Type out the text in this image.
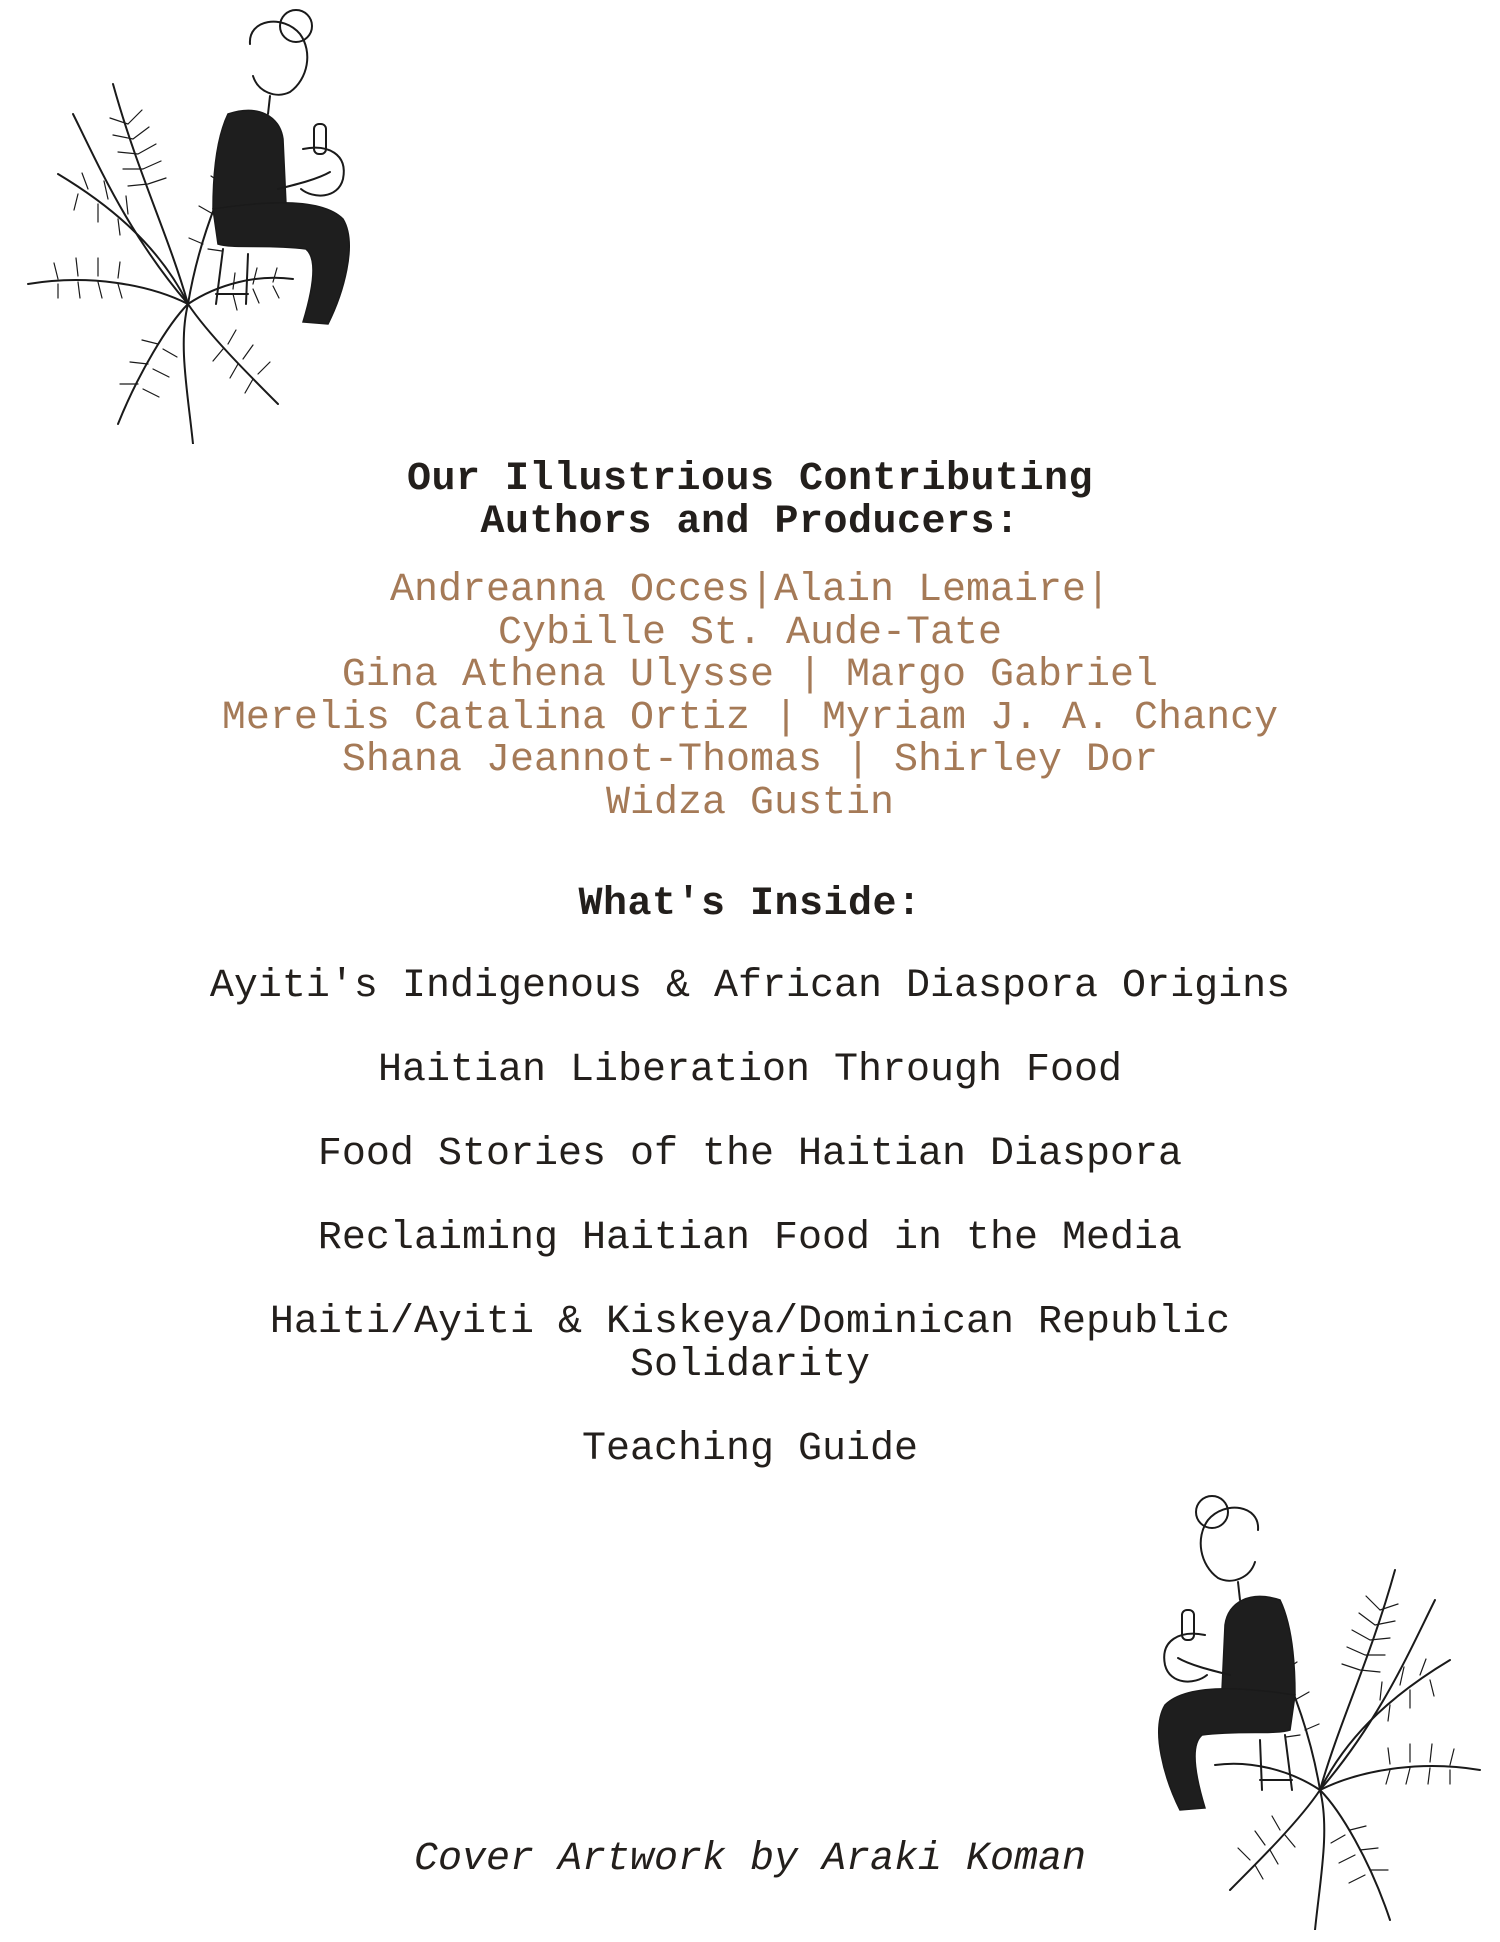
Our Illustrious Contributing
Authors and Producers:
Andreanna Occes|Alain Lemaire|
Cybille St. Aude-Tate
Gina Athena Ulysse | Margo Gabriel
Merelis Catalina Ortiz | Myriam J. A. Chancy
Shana Jeannot-Thomas | Shirley Dor
Widza Gustin
What's Inside:
Ayiti's Indigenous & African Diaspora Origins
Haitian Liberation Through Food
Food Stories of the Haitian Diaspora
Reclaiming Haitian Food in the Media
Haiti/Ayiti & Kiskeya/Dominican Republic
Solidarity
Teaching Guide
Cover Artwork by Araki Koman
